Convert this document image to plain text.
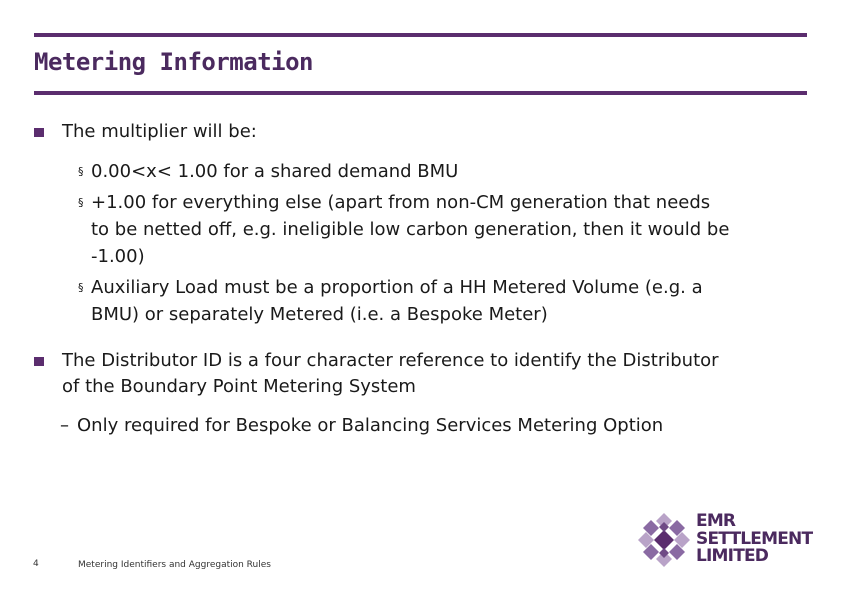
Metering Information
The multiplier will be:
§ 0.00<x< 1.00 for a shared demand BMU
§ +1.00 for everything else (apart from non-CM generation that needs
to be netted off, e.g. ineligible low carbon generation, then it would be
-1.00)
§ Auxiliary Load must be a proportion of a HH Metered Volume (e.g. a
BMU) or separately Metered (i.e. a Bespoke Meter)
The Distributor ID is a four character reference to identify the Distributor
of the Boundary Point Metering System
– Only required for Bespoke or Balancing Services Metering Option
4	Metering Identifiers and Aggregation Rules
EMR
SETTLEMENT
LIMITED
